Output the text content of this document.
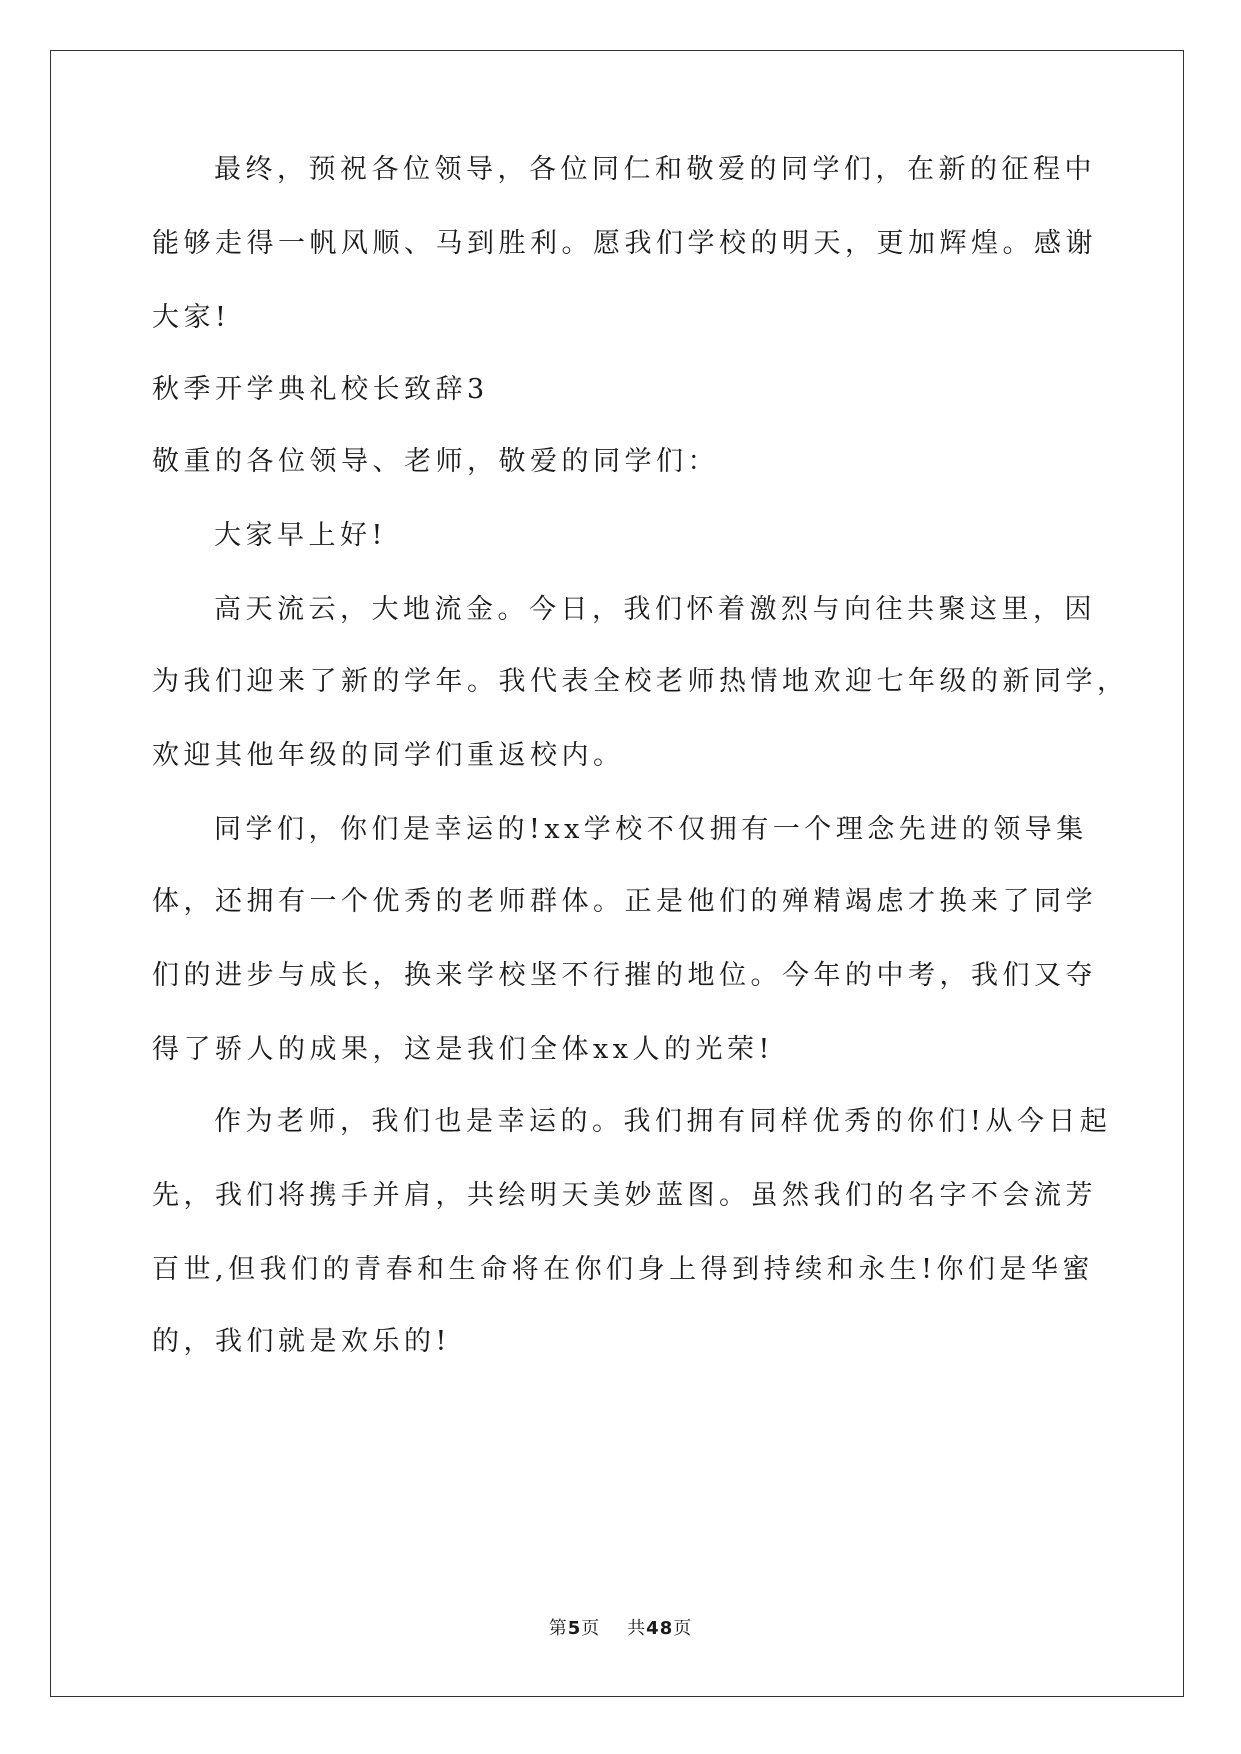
最终，预祝各位领导，各位同仁和敬爱的同学们，在新的征程中
能够走得一帆风顺、马到胜利。愿我们学校的明天，更加辉煌。感谢
大家!
秋季开学典礼校长致辞3
敬重的各位领导、老师，敬爱的同学们：
大家早上好!
高天流云，大地流金。今日，我们怀着激烈与向往共聚这里，因
为我们迎来了新的学年。我代表全校老师热情地欢迎七年级的新同学，
欢迎其他年级的同学们重返校内。
同学们，你们是幸运的!xx学校不仅拥有一个理念先进的领导集
体，还拥有一个优秀的老师群体。正是他们的殚精竭虑才换来了同学
们的进步与成长，换来学校坚不行摧的地位。今年的中考，我们又夺
得了骄人的成果，这是我们全体xx人的光荣!
作为老师，我们也是幸运的。我们拥有同样优秀的你们!从今日起
先，我们将携手并肩，共绘明天美妙蓝图。虽然我们的名字不会流芳
百世,但我们的青春和生命将在你们身上得到持续和永生!你们是华蜜
的，我们就是欢乐的!
第5页 共48页
